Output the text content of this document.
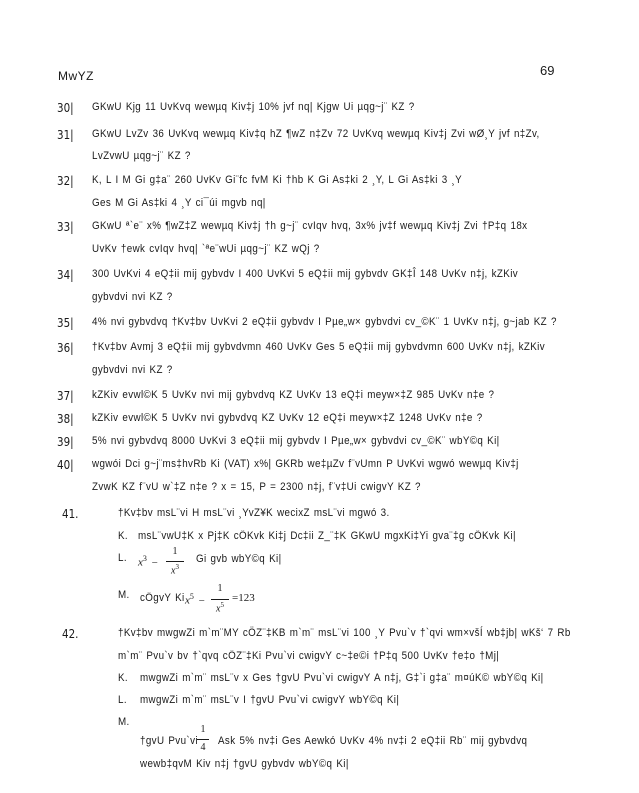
MwYZ	69
30| GKwU Kjg 11 UvKvq wewµq Kiv‡j 10% jvf nq| Kjgw Ui µqg~j¨ KZ ?
31| GKwU LvZv 36 UvKvq wewµq Kiv‡q hZ ¶wZ n‡Zv 72 UvKvq wewµq Kiv‡j Zvi wØ¸Y jvf n‡Zv,
LvZvwU µqg~j¨ KZ ?
32| K, L I M Gi g‡a¨ 260 UvKv Gi¨fc fvM Ki †hb K Gi As‡ki 2 ¸Y, L Gi As‡ki 3 ¸Y
Ges M Gi As‡ki 4 ¸Y ci¯úi mgvb nq|
33| GKwU ª`e¨ x% ¶wZ‡Z wewµq Kiv‡j †h g~j¨ cvIqv hvq, 3x% jv‡f wewµq Kiv‡j Zvi †P‡q 18x
UvKv †ewk cvIqv hvq| `ªe¨wUi µqg~j¨ KZ wQj ?
34| 300 UvKvi 4 eQ‡ii mij gybvdv I 400 UvKvi 5 eQ‡ii mij gybvdv GK‡Î 148 UvKv n‡j, kZKiv
gybvdvi nvi KZ ?
35| 4% nvi gybvdvq †Kv‡bv UvKvi 2 eQ‡ii gybvdv I Pµe„w× gybvdvi cv_©K¨ 1 UvKv n‡j, g~jab KZ ?
36| †Kv‡bv Avmj 3 eQ‡ii mij gybvdvmn 460 UvKv Ges 5 eQ‡ii mij gybvdvmn 600 UvKv n‡j, kZKiv
gybvdvi nvi KZ ?
37| kZKiv evwl©K 5 UvKv nvi mij gybvdvq KZ UvKv 13 eQ‡i meyw×‡Z 985 UvKv n‡e ?
38| kZKiv evwl©K 5 UvKv nvi gybvdvq KZ UvKv 12 eQ‡i meyw×‡Z 1248 UvKv n‡e ?
39| 5% nvi gybvdvq 8000 UvKvi 3 eQ‡ii mij gybvdv I Pµe„w× gybvdvi cv_©K¨ wbY©q Ki|
40| wgwói Dci g~j¨ms‡hvRb Ki (VAT) x%| GKRb we‡µZv f¨vUmn P UvKvi wgwó wewµq Kiv‡j
ZvwK KZ f¨vU w`‡Z n‡e ? x = 15, P = 2300 n‡j, f¨v‡Ui cwigvY KZ ?
41.	†Kv‡bv msL¨vi H msL¨vi ¸YvZ¥K wecixZ msL¨vi mgwó 3.
K. msL¨vwU‡K x Pj‡K cÖKvk Ki‡j Dc‡ii Z_¨‡K GKwU mgxKi‡Yi gva¨‡g cÖKvk Ki|
L. $x^3$ −
1
$x^3$
Gi gvb wbY©q Ki|
M. cÖgvY Ki $x^5$ −
1
$x^5$
=123
42.	†Kv‡bv mwgwZi m`m¨MY cÖZ¨‡KB m`m¨ msL¨vi 100 ¸Y Pvu`v †`qvi wm×všÍ wb‡jb| wKš‘ 7 Rb
m`m¨ Pvu`v bv †`qvq cÖZ¨‡Ki Pvu`vi cwigvY c~‡e©i †P‡q 500 UvKv †e‡o †Mj|
K. mwgwZi m`m¨ msL¨v x Ges †gvU Pvu`vi cwigvY A n‡j, G‡`i g‡a¨ m¤úK© wbY©q Ki|
L. mwgwZi m`m¨ msL¨v I †gvU Pvu`vi cwigvY wbY©q Ki|
M.
†gvU Pvu`vi
1
4
Ask 5% nv‡i Ges Aewkó UvKv 4% nv‡i 2 eQ‡ii Rb¨ mij gybvdvq
wewb‡qvM Kiv n‡j †gvU gybvdv wbY©q Ki|
